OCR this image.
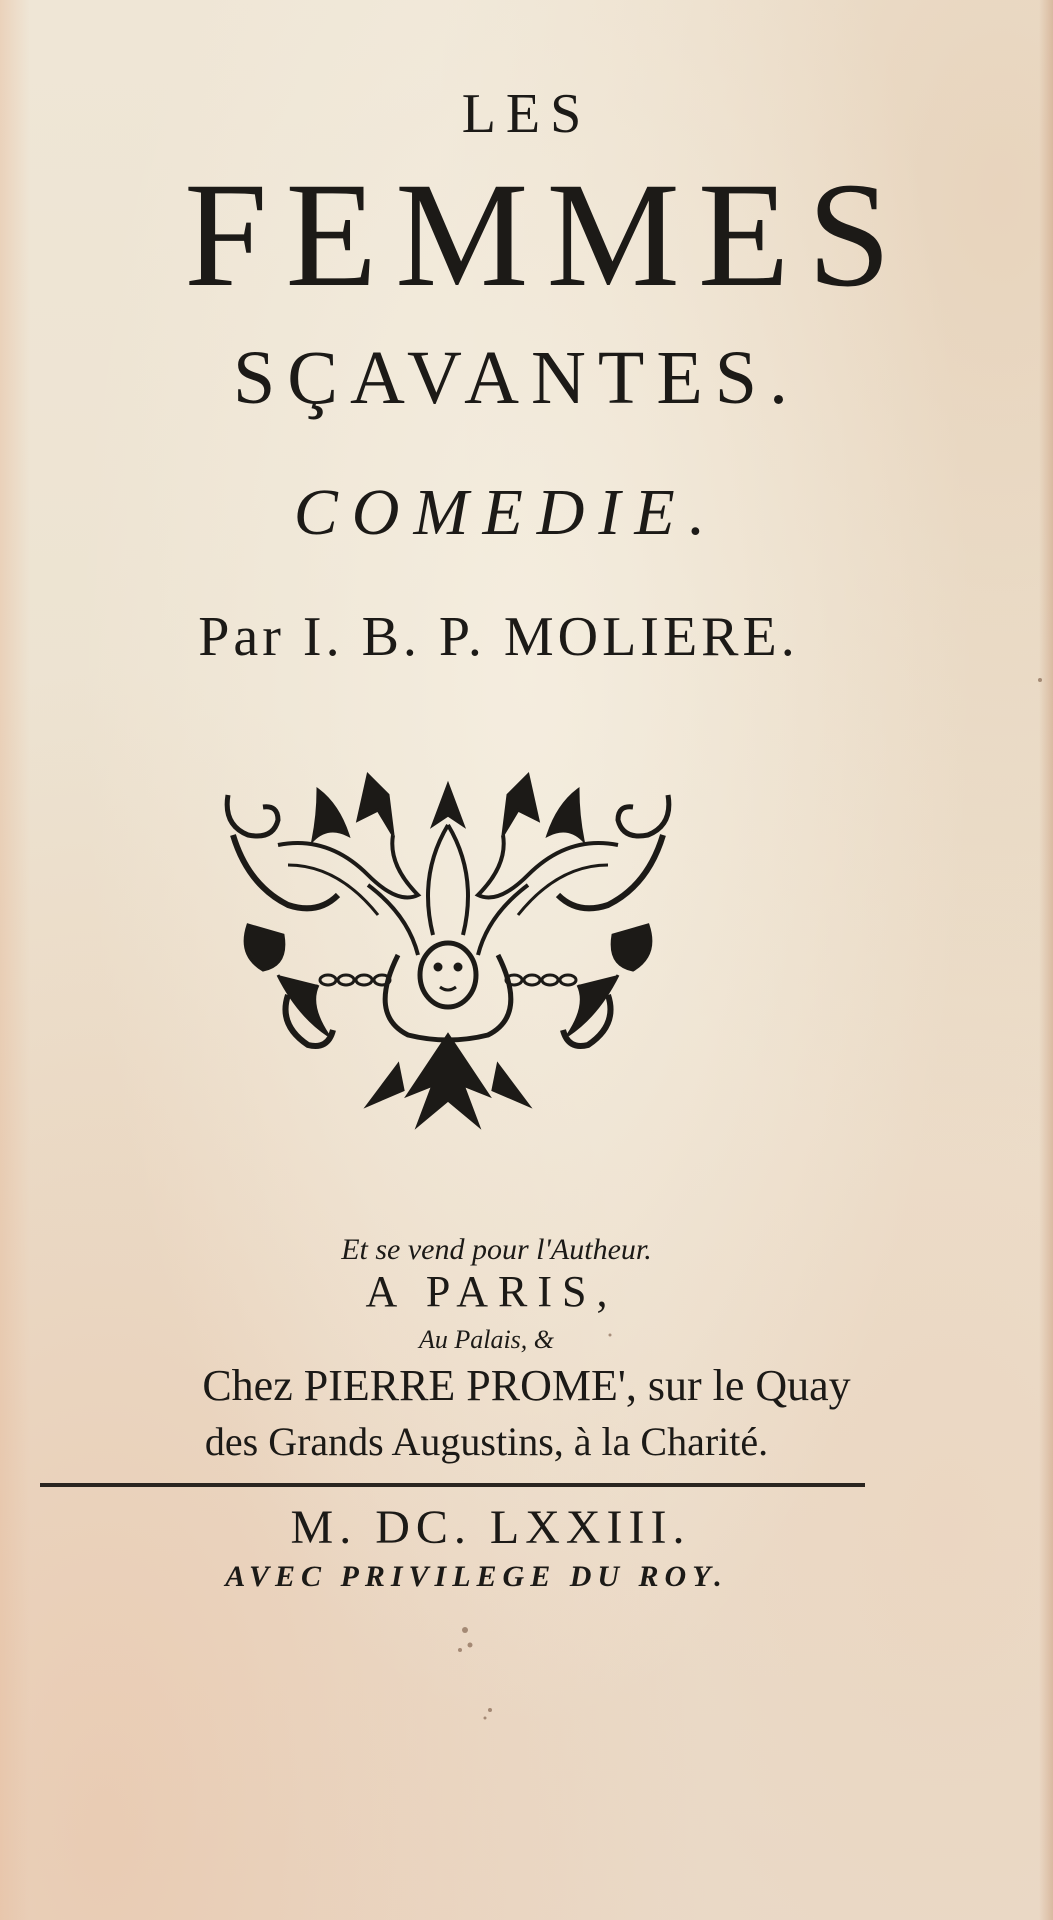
LES
FEMMES
SÇAVANTES.
COMEDIE.
Par I. B. P. MOLIERE.
Et se vend pour l'Autheur.
A PARIS,
Au Palais, &
Chez PIERRE PROME', sur le Quay
des Grands Augustins, à la Charité.
M. DC. LXXIII.
AVEC PRIVILEGE DU ROY.
